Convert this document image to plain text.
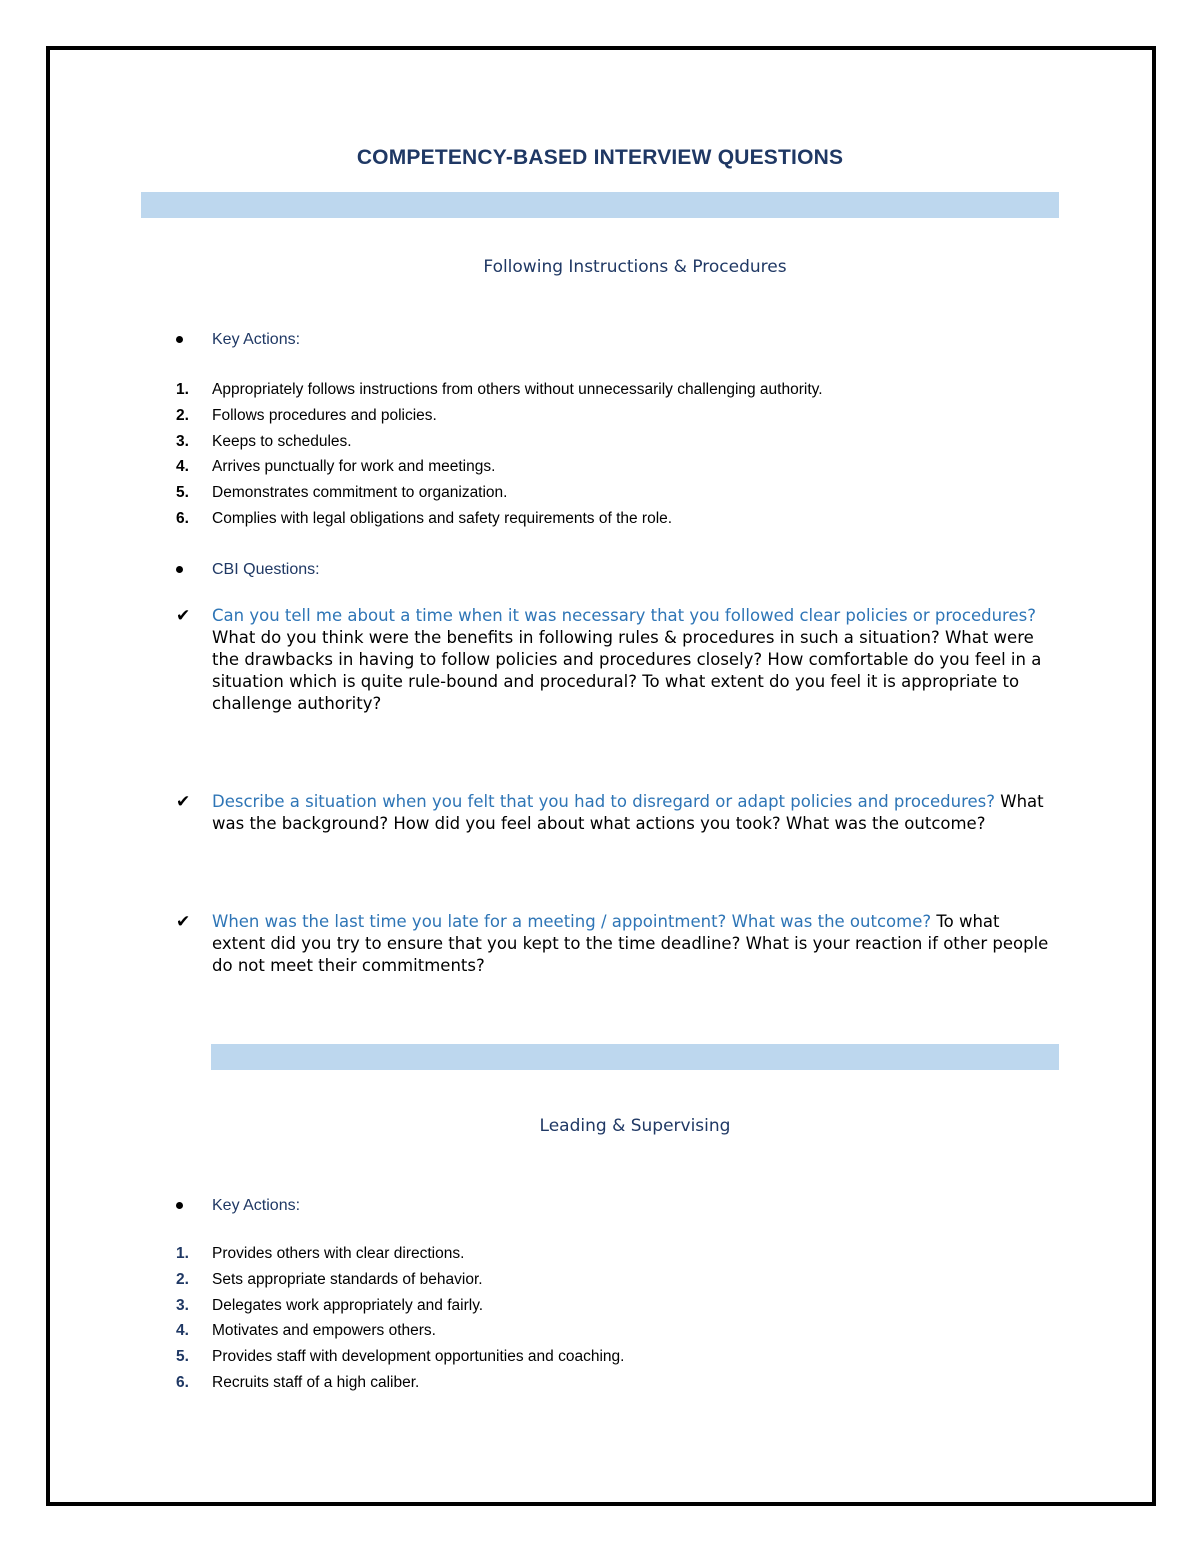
COMPETENCY-BASED INTERVIEW QUESTIONS
Following Instructions & Procedures
Key Actions:
1.	Appropriately follows instructions from others without unnecessarily challenging authority.
2.	Follows procedures and policies.
3.	Keeps to schedules.
4.	Arrives punctually for work and meetings.
5.	Demonstrates commitment to organization.
6.	Complies with legal obligations and safety requirements of the role.
CBI Questions:
✔ Can you tell me about a time when it was necessary that you followed clear policies or procedures? What do you think were the benefits in following rules & procedures in such a situation? What were the drawbacks in having to follow policies and procedures closely? How comfortable do you feel in a situation which is quite rule-bound and procedural? To what extent do you feel it is appropriate to challenge authority?
✔ Describe a situation when you felt that you had to disregard or adapt policies and procedures? What was the background? How did you feel about what actions you took? What was the outcome?
✔ When was the last time you late for a meeting / appointment? What was the outcome? To what extent did you try to ensure that you kept to the time deadline? What is your reaction if other people do not meet their commitments?
Leading & Supervising
Key Actions:
1.	Provides others with clear directions.
2.	Sets appropriate standards of behavior.
3.	Delegates work appropriately and fairly.
4.	Motivates and empowers others.
5.	Provides staff with development opportunities and coaching.
6.	Recruits staff of a high caliber.
